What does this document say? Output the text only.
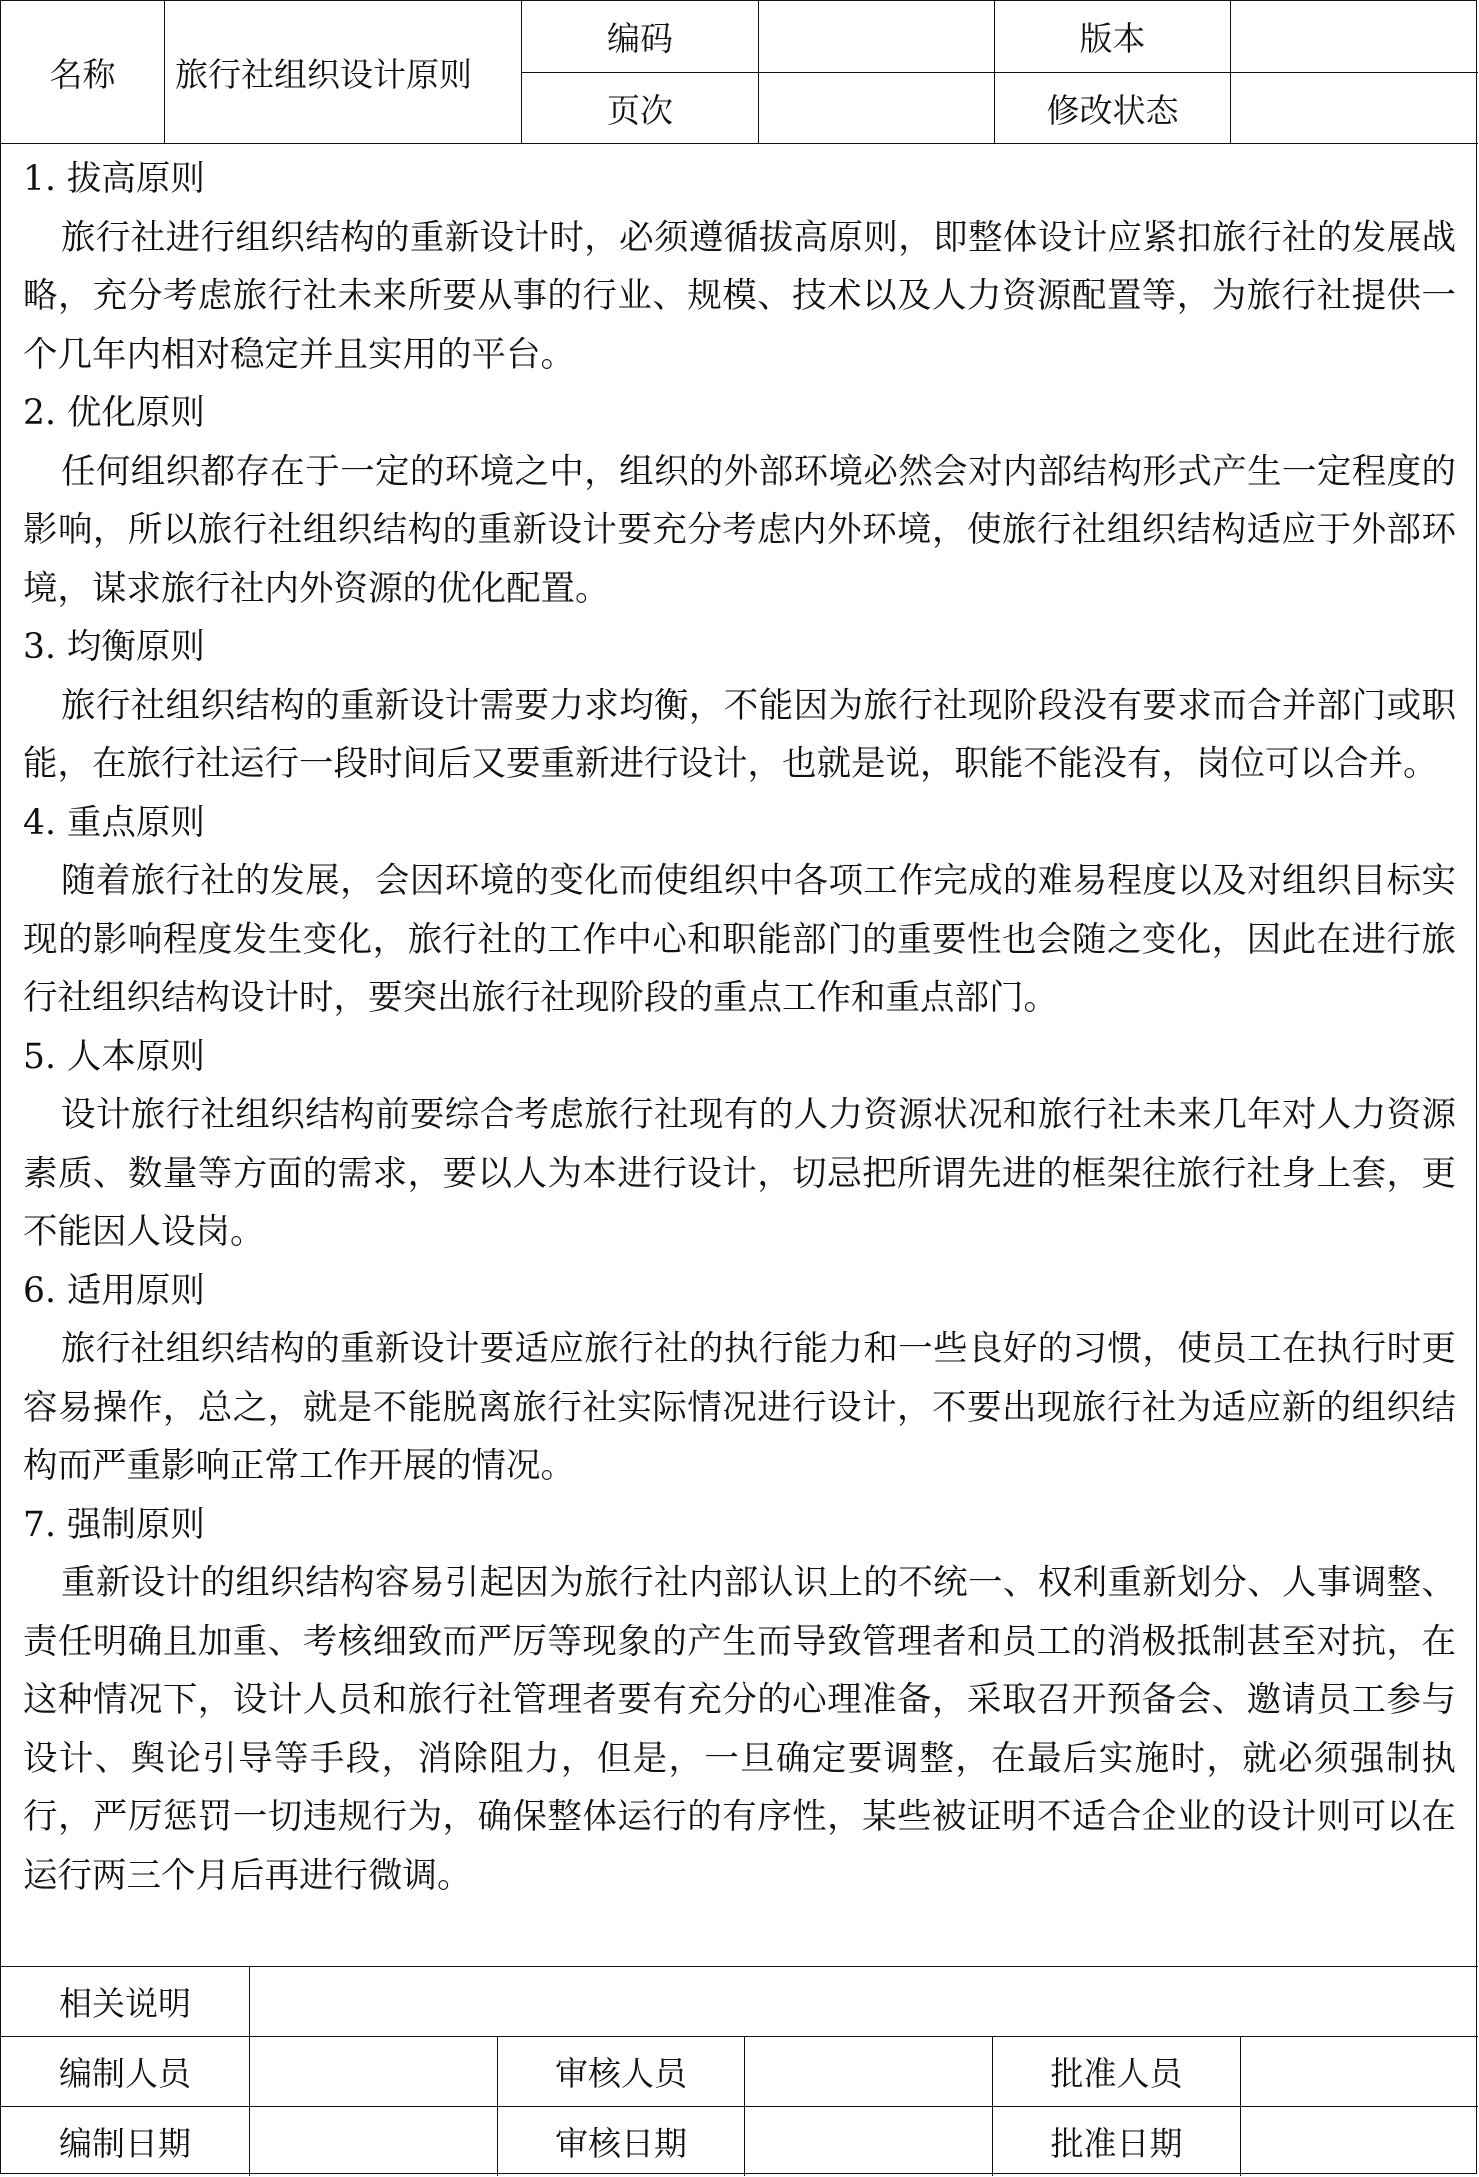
名称	旅行社组织设计原则
编码	版本
页次	修改状态

1. 拔高原则

旅行社进行组织结构的重新设计时，必须遵循拔高原则，即整体设计应紧扣旅行社的发展战略，充分考虑旅行社未来所要从事的行业、规模、技术以及人力资源配置等，为旅行社提供一个几年内相对稳定并且实用的平台。

2. 优化原则

任何组织都存在于一定的环境之中，组织的外部环境必然会对内部结构形式产生一定程度的影响，所以旅行社组织结构的重新设计要充分考虑内外环境，使旅行社组织结构适应于外部环境，谋求旅行社内外资源的优化配置。

3. 均衡原则

旅行社组织结构的重新设计需要力求均衡，不能因为旅行社现阶段没有要求而合并部门或职能，在旅行社运行一段时间后又要重新进行设计，也就是说，职能不能没有，岗位可以合并。

4. 重点原则

随着旅行社的发展，会因环境的变化而使组织中各项工作完成的难易程度以及对组织目标实现的影响程度发生变化，旅行社的工作中心和职能部门的重要性也会随之变化，因此在进行旅行社组织结构设计时，要突出旅行社现阶段的重点工作和重点部门。

5. 人本原则

设计旅行社组织结构前要综合考虑旅行社现有的人力资源状况和旅行社未来几年对人力资源素质、数量等方面的需求，要以人为本进行设计，切忌把所谓先进的框架往旅行社身上套，更不能因人设岗。

6. 适用原则

旅行社组织结构的重新设计要适应旅行社的执行能力和一些良好的习惯，使员工在执行时更容易操作，总之，就是不能脱离旅行社实际情况进行设计，不要出现旅行社为适应新的组织结构而严重影响正常工作开展的情况。

7. 强制原则

重新设计的组织结构容易引起因为旅行社内部认识上的不统一、权利重新划分、人事调整、责任明确且加重、考核细致而严厉等现象的产生而导致管理者和员工的消极抵制甚至对抗，在这种情况下，设计人员和旅行社管理者要有充分的心理准备，采取召开预备会、邀请员工参与设计、舆论引导等手段，消除阻力，但是，一旦确定要调整，在最后实施时，就必须强制执行，严厉惩罚一切违规行为，确保整体运行的有序性，某些被证明不适合企业的设计则可以在运行两三个月后再进行微调。

相关说明
编制人员	审核人员	批准人员
编制日期	审核日期	批准日期
